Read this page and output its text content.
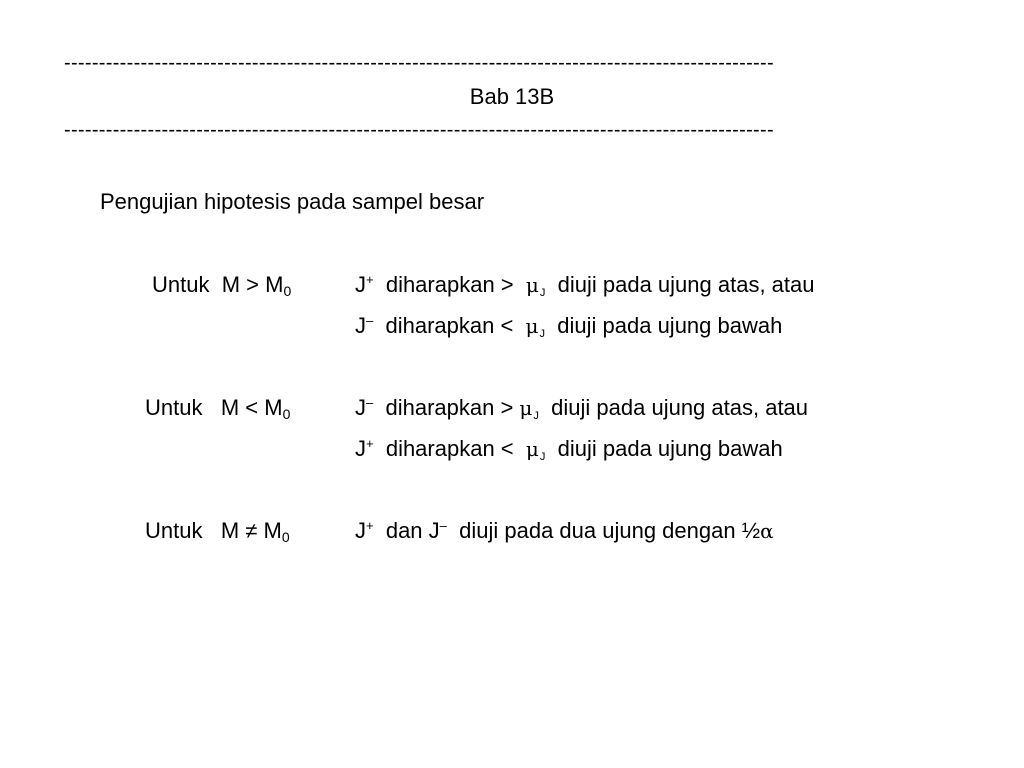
------------------------------------------------------------------------------------------------------
Bab 13B
------------------------------------------------------------------------------------------------------
Pengujian hipotesis pada sampel besar
Untuk $M > M_0$	J+ diharapkan > μJ diuji pada ujung atas, atau
J– diharapkan < μJ diuji pada ujung bawah
Untuk $M < M_0$	J– diharapkan > μJ diuji pada ujung atas, atau
J+ diharapkan < μJ diuji pada ujung bawah
Untuk $M \ne M_0$	J+ dan J– diuji pada dua ujung dengan ½α
